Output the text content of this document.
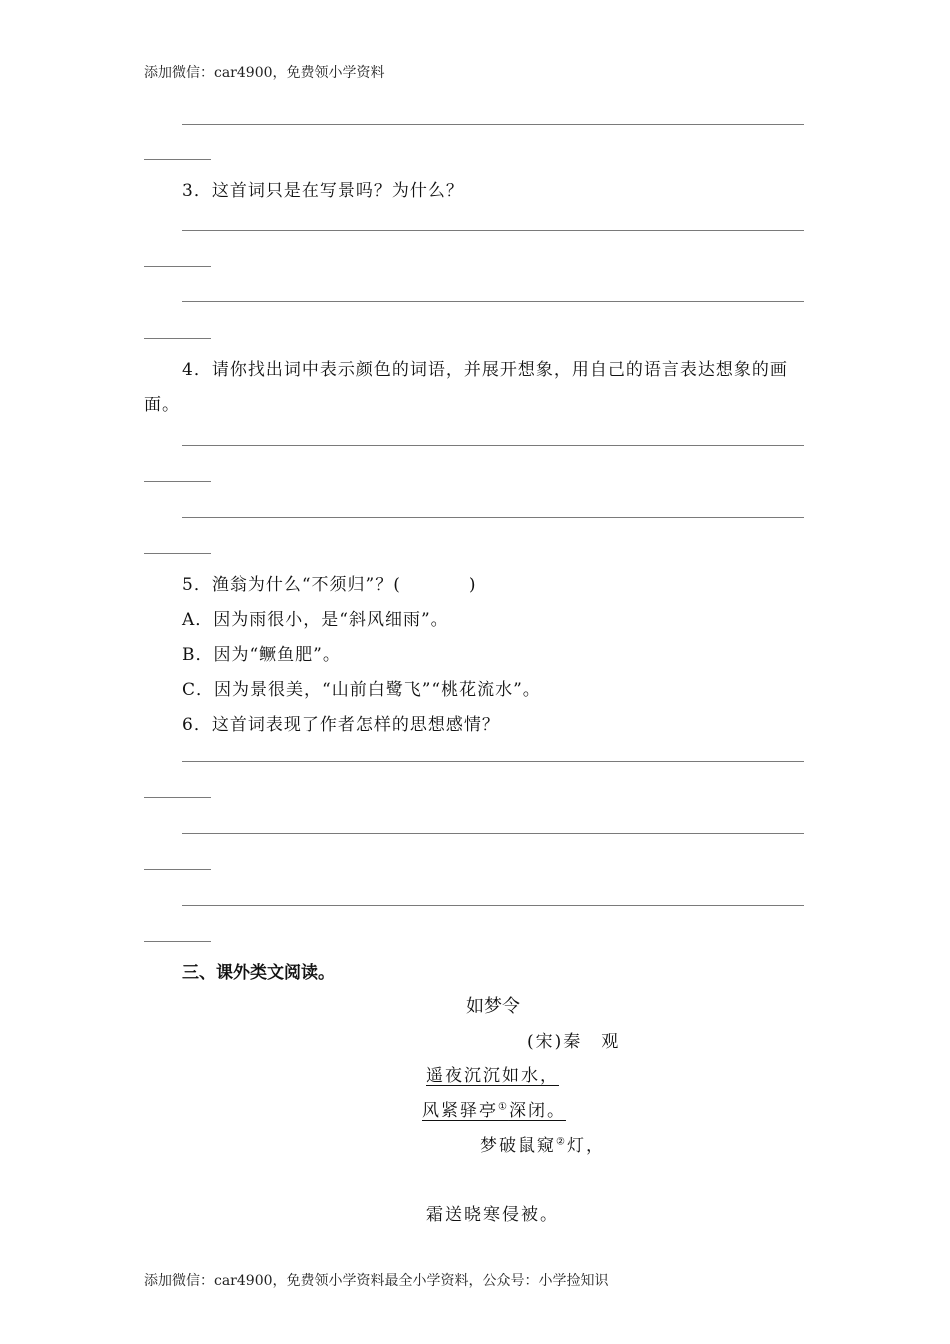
添加微信：car4900，免费领小学资料
3．这首词只是在写景吗？为什么？
4．请你找出词中表示颜色的词语，并展开想象，用自己的语言表达想象的画面。
5．渔翁为什么“不须归”？(	)
A．因为雨很小，是“斜风细雨”。
B．因为“鳜鱼肥”。
C．因为景很美，“山前白鹭飞”“桃花流水”。
6．这首词表现了作者怎样的思想感情？
三、课外类文阅读。
如梦令
(宋)秦　观
遥夜沉沉如水，
风紧驿亭①深闭。
梦破鼠窥②灯，
霜送晓寒侵被。
添加微信：car4900，免费领小学资料最全小学资料，公众号：小学捡知识
